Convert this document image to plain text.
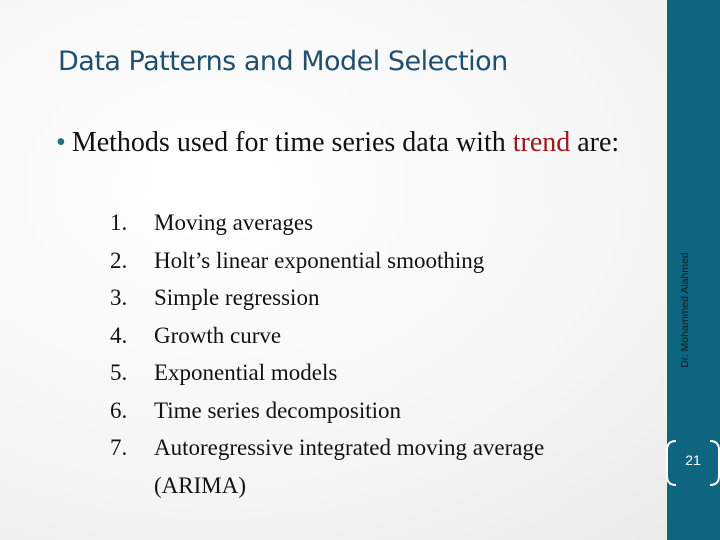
Data Patterns and Model Selection
• Methods used for time series data with trend are:
1.	Moving averages
2.	Holt’s linear exponential smoothing
3.	Simple regression
4.	Growth curve
5.	Exponential models
6.	Time series decomposition
7.	Autoregressive integrated moving average (ARIMA)
Dr. Mohammed Alahmed
21
